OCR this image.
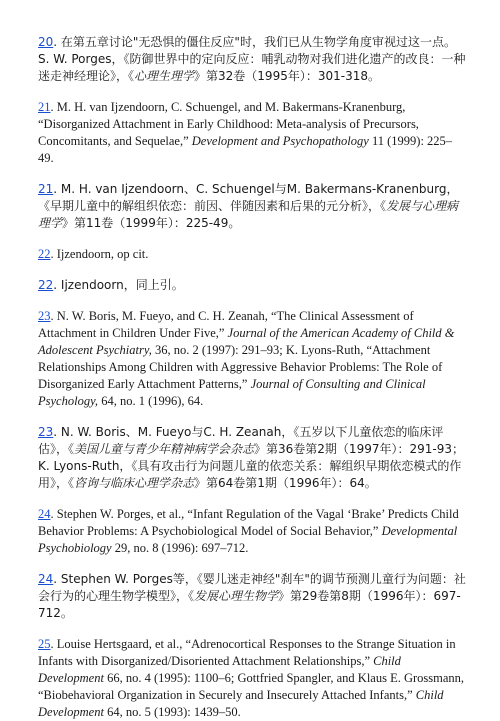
20. 在第五章讨论"无恐惧的僵住反应"时，我们已从生物学角度审视过这一点。S. W. Porges，《防御世界中的定向反应：哺乳动物对我们进化遗产的改良：一种迷走神经理论》，《心理生理学》第32卷（1995年）：301-318。

21. M. H. van Ijzendoorn, C. Schuengel, and M. Bakermans-Kranenburg, “Disorganized Attachment in Early Childhood: Meta-analysis of Precursors, Concomitants, and Sequelae,” Development and Psychopathology 11 (1999): 225–49.

21. M. H. van Ijzendoorn、C. Schuengel与M. Bakermans-Kranenburg，《早期儿童中的解组织依恋：前因、伴随因素和后果的元分析》，《发展与心理病理学》第11卷（1999年）：225-49。

22. Ijzendoorn, op cit.

22. Ijzendoorn，同上引。

23. N. W. Boris, M. Fueyo, and C. H. Zeanah, “The Clinical Assessment of Attachment in Children Under Five,” Journal of the American Academy of Child & Adolescent Psychiatry, 36, no. 2 (1997): 291–93; K. Lyons-Ruth, “Attachment Relationships Among Children with Aggressive Behavior Problems: The Role of Disorganized Early Attachment Patterns,” Journal of Consulting and Clinical Psychology, 64, no. 1 (1996), 64.

23. N. W. Boris、M. Fueyo与C. H. Zeanah，《五岁以下儿童依恋的临床评估》，《美国儿童与青少年精神病学会杂志》第36卷第2期（1997年）：291-93；K. Lyons-Ruth，《具有攻击行为问题儿童的依恋关系：解组织早期依恋模式的作用》，《咨询与临床心理学杂志》第64卷第1期（1996年）：64。

24. Stephen W. Porges, et al., “Infant Regulation of the Vagal ‘Brake’ Predicts Child Behavior Problems: A Psychobiological Model of Social Behavior,” Developmental Psychobiology 29, no. 8 (1996): 697–712.

24. Stephen W. Porges等，《婴儿迷走神经"刹车"的调节预测儿童行为问题：社会行为的心理生物学模型》，《发展心理生物学》第29卷第8期（1996年）：697-712。

25. Louise Hertsgaard, et al., “Adrenocortical Responses to the Strange Situation in Infants with Disorganized/Disoriented Attachment Relationships,” Child Development 66, no. 4 (1995): 1100–6; Gottfried Spangler, and Klaus E. Grossmann, “Biobehavioral Organization in Securely and Insecurely Attached Infants,” Child Development 64, no. 5 (1993): 1439–50.
